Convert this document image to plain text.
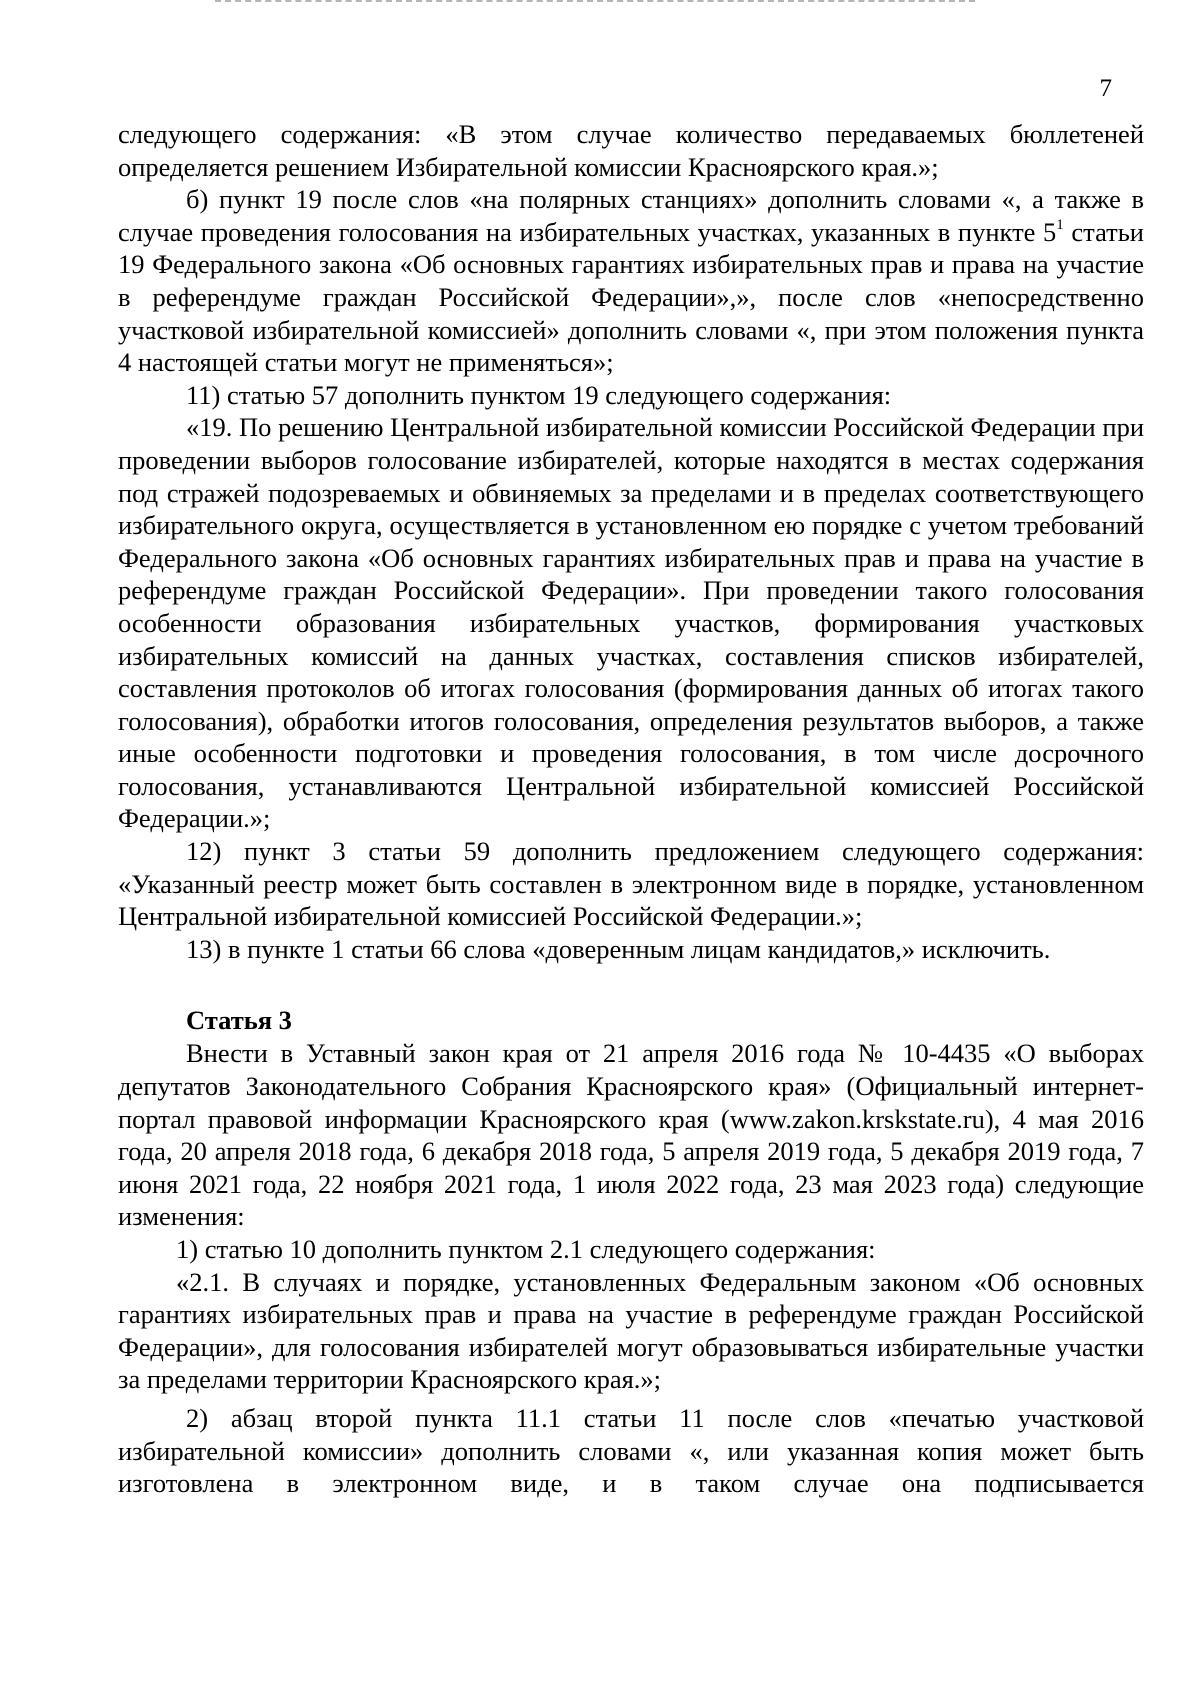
7

следующего содержания: «В этом случае количество передаваемых бюллетеней определяется решением Избирательной комиссии Красноярского края.»;

б) пункт 19 после слов «на полярных станциях» дополнить словами «, а также в случае проведения голосования на избирательных участках, указанных в пункте $5^1$ статьи 19 Федерального закона «Об основных гарантиях избирательных прав и права на участие в референдуме граждан Российской Федерации»,», после слов «непосредственно участковой избирательной комиссией» дополнить словами «, при этом положения пункта 4 настоящей статьи могут не применяться»;

11) статью 57 дополнить пунктом 19 следующего содержания:

«19. По решению Центральной избирательной комиссии Российской Федерации при проведении выборов голосование избирателей, которые находятся в местах содержания под стражей подозреваемых и обвиняемых за пределами и в пределах соответствующего избирательного округа, осуществляется в установленном ею порядке с учетом требований Федерального закона «Об основных гарантиях избирательных прав и права на участие в референдуме граждан Российской Федерации». При проведении такого голосования особенности образования избирательных участков, формирования участковых избирательных комиссий на данных участках, составления списков избирателей, составления протоколов об итогах голосования (формирования данных об итогах такого голосования), обработки итогов голосования, определения результатов выборов, а также иные особенности подготовки и проведения голосования, в том числе досрочного голосования, устанавливаются Центральной избирательной комиссией Российской Федерации.»;

12) пункт 3 статьи 59 дополнить предложением следующего содержания: «Указанный реестр может быть составлен в электронном виде в порядке, установленном Центральной избирательной комиссией Российской Федерации.»;

13) в пункте 1 статьи 66 слова «доверенным лицам кандидатов,» исключить.

Статья 3

Внести в Уставный закон края от 21 апреля 2016 года № 10-4435 «О выборах депутатов Законодательного Собрания Красноярского края» (Официальный интернет-портал правовой информации Красноярского края (www.zakon.krskstate.ru), 4 мая 2016 года, 20 апреля 2018 года, 6 декабря 2018 года, 5 апреля 2019 года, 5 декабря 2019 года, 7 июня 2021 года, 22 ноября 2021 года, 1 июля 2022 года, 23 мая 2023 года) следующие изменения:

1) статью 10 дополнить пунктом 2.1 следующего содержания:

«2.1. В случаях и порядке, установленных Федеральным законом «Об основных гарантиях избирательных прав и права на участие в референдуме граждан Российской Федерации», для голосования избирателей могут образовываться избирательные участки за пределами территории Красноярского края.»;

2) абзац второй пункта 11.1 статьи 11 после слов «печатью участковой избирательной комиссии» дополнить словами «, или указанная копия может быть изготовлена в электронном виде, и в таком случае она подписывается
